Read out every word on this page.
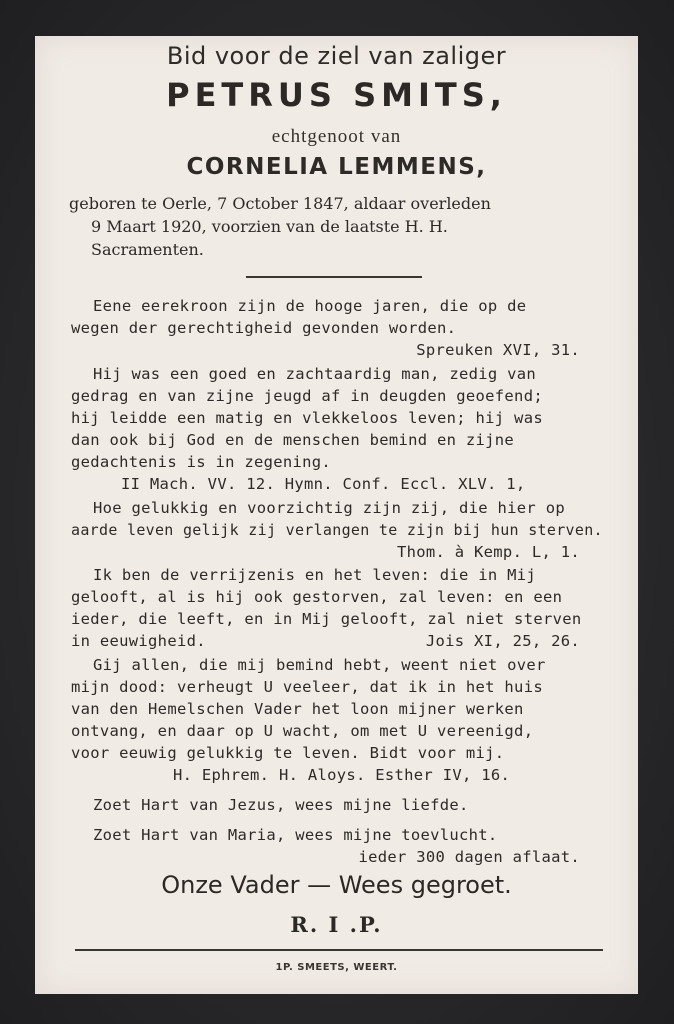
Bid voor de ziel van zaliger
PETRUS SMITS,
echtgenoot van
CORNELIA LEMMENS,
geboren te Oerle, 7 October 1847, aldaar overleden
9 Maart 1920, voorzien van de laatste H. H.
Sacramenten.
Eene eerekroon zijn de hooge jaren, die op de
wegen der gerechtigheid gevonden worden.
Spreuken XVI, 31.
Hij was een goed en zachtaardig man, zedig van
gedrag en van zijne jeugd af in deugden geoefend;
hij leidde een matig en vlekkeloos leven; hij was
dan ook bij God en de menschen bemind en zijne
gedachtenis is in zegening.
II Mach. VV. 12. Hymn. Conf. Eccl. XLV. 1,
Hoe gelukkig en voorzichtig zijn zij, die hier op
aarde leven gelijk zij verlangen te zijn bij hun sterven.
Thom. à Kemp. L, 1.
Ik ben de verrijzenis en het leven: die in Mij
gelooft, al is hij ook gestorven, zal leven: en een
ieder, die leeft, en in Mij gelooft, zal niet sterven
in eeuwigheid.	Jois XI, 25, 26.
Gij allen, die mij bemind hebt, weent niet over
mijn dood: verheugt U veeleer, dat ik in het huis
van den Hemelschen Vader het loon mijner werken
ontvang, en daar op U wacht, om met U vereenigd,
voor eeuwig gelukkig te leven. Bidt voor mij.
H. Ephrem. H. Aloys. Esther IV, 16.
Zoet Hart van Jezus, wees mijne liefde.
Zoet Hart van Maria, wees mijne toevlucht.
ieder 300 dagen aflaat.
Onze Vader — Wees gegroet.
R. I .P.
1P. SMEETS, WEERT.
